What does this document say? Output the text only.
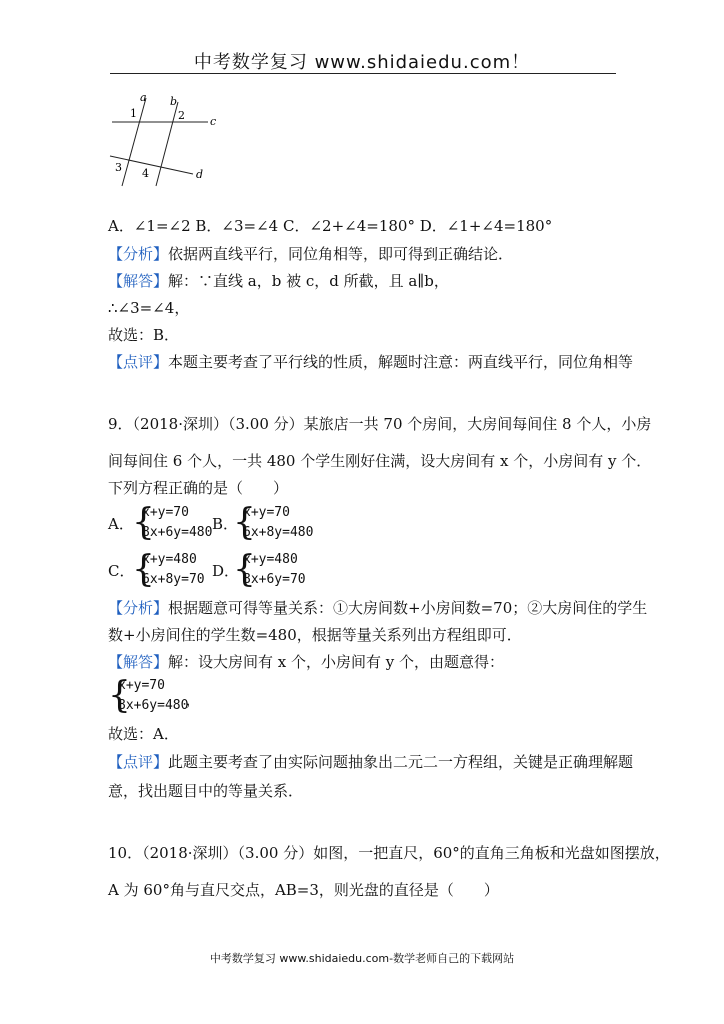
中考数学复习 www.shidaiedu.com！
a b
c
d
1	2
3 4
A．∠1=∠2 B．∠3=∠4 C．∠2+∠4=180° D．∠1+∠4=180°
【分析】依据两直线平行，同位角相等，即可得到正确结论．
【解答】解：∵直线 a，b 被 c，d 所截，且 a∥b，
∴∠3=∠4，
故选：B．
【点评】本题主要考查了平行线的性质，解题时注意：两直线平行，同位角相等
9．（2018·深圳）（3.00 分）某旅店一共 70 个房间，大房间每间住 8 个人，小房
间每间住 6 个人，一共 480 个学生刚好住满，设大房间有 x 个，小房间有 y 个．
下列方程正确的是（　　）
A．
{
x+y=70
8x+6y=480 B．
{
x+y=70
6x+8y=480
C．
{
x+y=480
6x+8y=70 D．
{
x+y=480
8x+6y=70
【分析】根据题意可得等量关系：①大房间数+小房间数=70；②大房间住的学生
数+小房间住的学生数=480，根据等量关系列出方程组即可．
【解答】解：设大房间有 x 个，小房间有 y 个，由题意得：
{
x+y=70
8x+6y=480
，
故选：A．
【点评】此题主要考查了由实际问题抽象出二元二一方程组，关键是正确理解题
意，找出题目中的等量关系．
10．（2018·深圳）（3.00 分）如图，一把直尺，60°的直角三角板和光盘如图摆放，
A 为 60°角与直尺交点，AB=3，则光盘的直径是（　　）
中考数学复习 www.shidaiedu.com-数学老师自己的下载网站
